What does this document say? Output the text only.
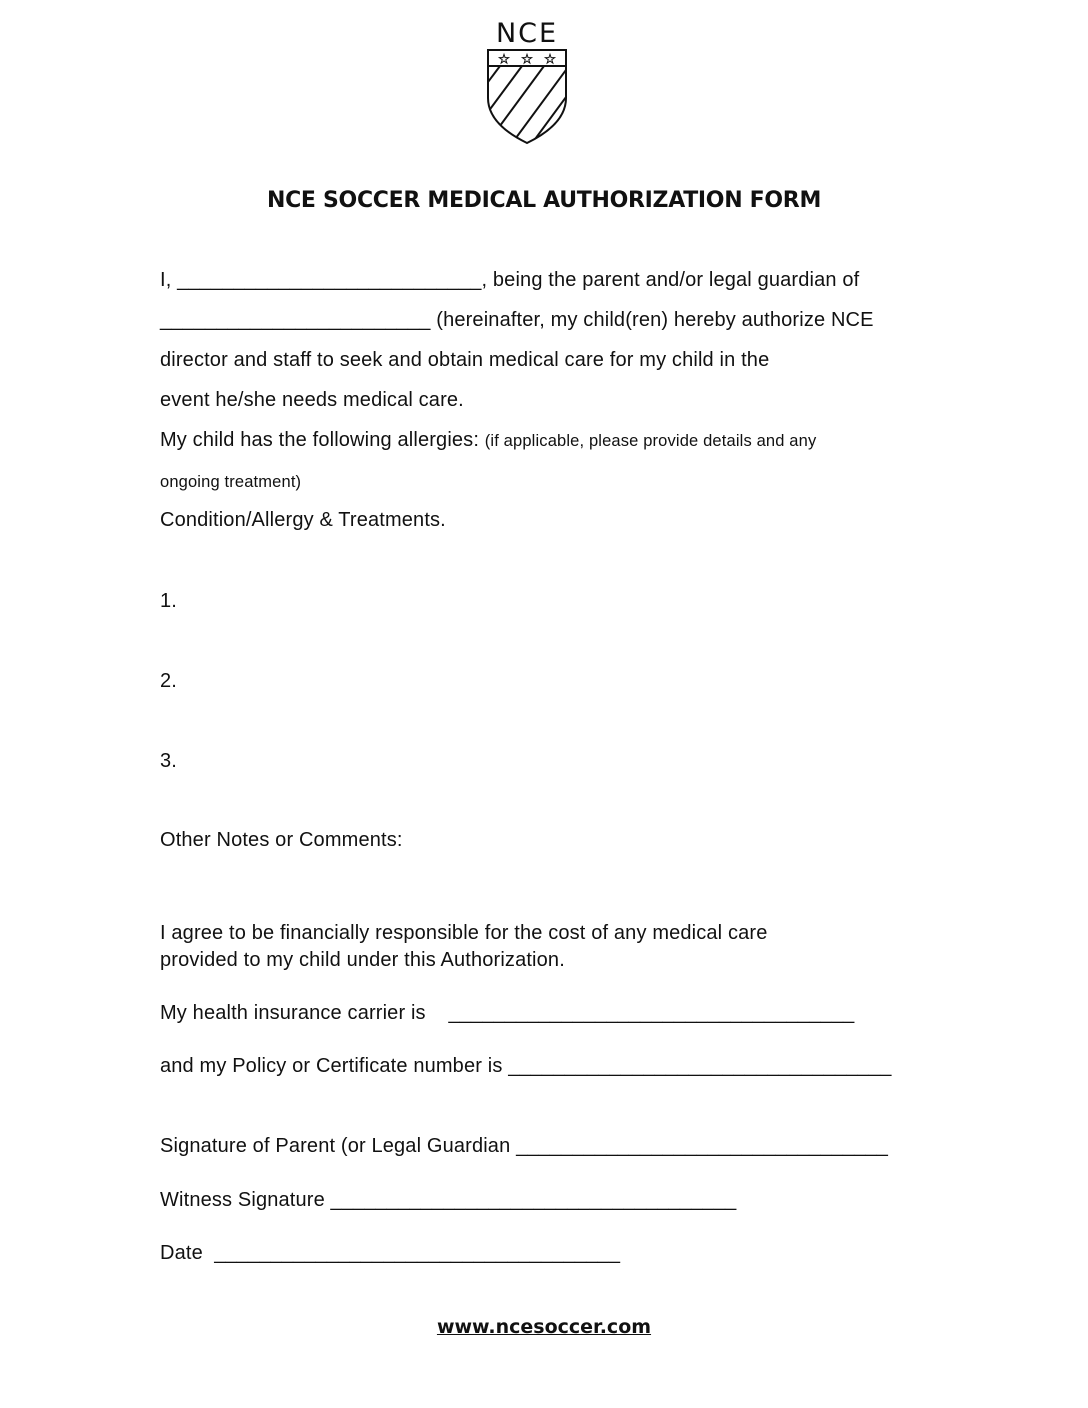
NCE
★ ★ ★
NCE SOCCER MEDICAL AUTHORIZATION FORM
I, ___________________________, being the parent and/or legal guardian of
________________________ (hereinafter, my child(ren) hereby authorize NCE
director and staff to seek and obtain medical care for my child in the
event he/she needs medical care.
My child has the following allergies: (if applicable, please provide details and any
ongoing treatment)
Condition/Allergy & Treatments.
1.
2.
3.
Other Notes or Comments:
I agree to be financially responsible for the cost of any medical care
provided to my child under this Authorization.
My health insurance carrier is    ____________________________________
and my Policy or Certificate number is __________________________________
Signature of Parent (or Legal Guardian _________________________________
Witness Signature ____________________________________
Date  ____________________________________
www.ncesoccer.com
